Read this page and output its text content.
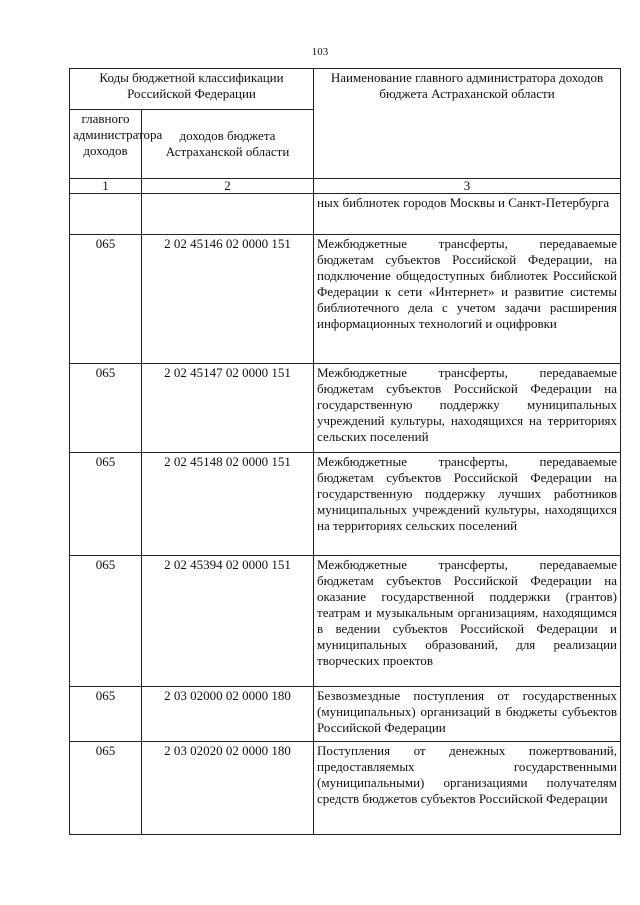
103
Коды бюджетной классификации Российской Федерации		Наименование главного администратора доходов бюджета Астраханской области
главного администратора доходов	доходов бюджета Астраханской области	
1	2	3
		ных библиотек городов Москвы и Санкт-Петербурга
065	2 02 45146 02 0000 151	Межбюджетные трансферты, передаваемые бюджетам субъектов Российской Федерации, на подключение общедоступных библиотек Российской Федерации к сети «Интернет» и развитие системы библиотечного дела с учетом задачи расширения информационных технологий и оцифровки
065	2 02 45147 02 0000 151	Межбюджетные трансферты, передаваемые бюджетам субъектов Российской Федерации на государственную поддержку муниципальных учреждений культуры, находящихся на территориях сельских поселений
065	2 02 45148 02 0000 151	Межбюджетные трансферты, передаваемые бюджетам субъектов Российской Федерации на государственную поддержку лучших работников муниципальных учреждений культуры, находящихся на территориях сельских поселений
065	2 02 45394 02 0000 151	Межбюджетные трансферты, передаваемые бюджетам субъектов Российской Федерации на оказание государственной поддержки (грантов) театрам и музыкальным организациям, находящимся в ведении субъектов Российской Федерации и муниципальных образований, для реализации творческих проектов
065	2 03 02000 02 0000 180	Безвозмездные поступления от государственных (муниципальных) организаций в бюджеты субъектов Российской Федерации
065	2 03 02020 02 0000 180	Поступления от денежных пожертвований, предоставляемых государственными (муниципальными) организациями получателям средств бюджетов субъектов Российской Федерации
